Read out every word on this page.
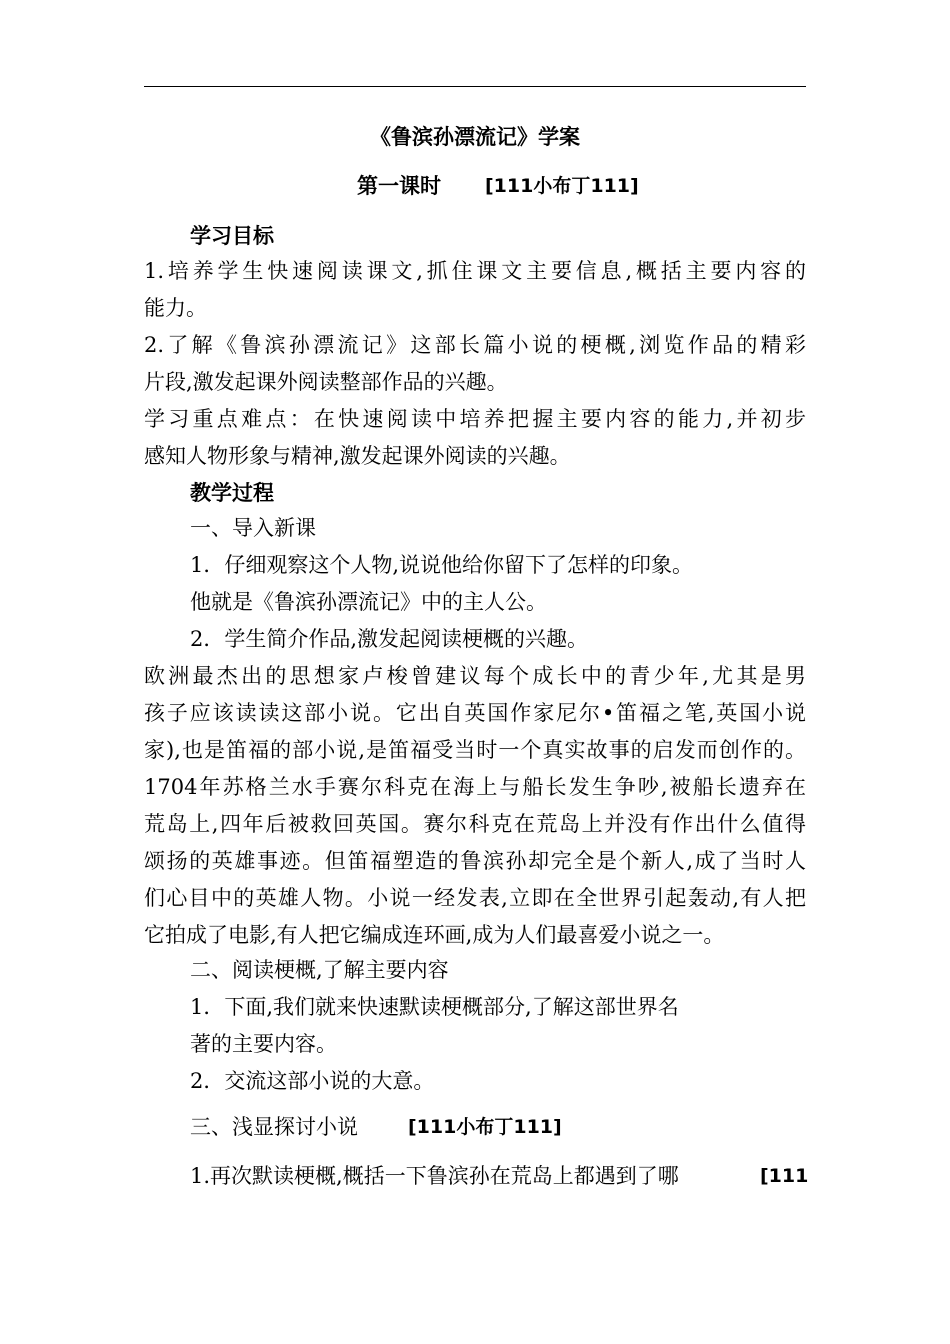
《鲁滨孙漂流记》学案
第一课时 [111小布丁111]
学习目标
1.培养学生快速阅读课文,抓住课文主要信息,概括主要内容的
能力。
2.了解《鲁滨孙漂流记》这部长篇小说的梗概,浏览作品的精彩
片段,激发起课外阅读整部作品的兴趣。
学习重点难点：在快速阅读中培养把握主要内容的能力,并初步
感知人物形象与精神,激发起课外阅读的兴趣。
教学过程
一、导入新课
1．仔细观察这个人物,说说他给你留下了怎样的印象。
他就是《鲁滨孙漂流记》中的主人公。
2．学生简介作品,激发起阅读梗概的兴趣。
欧洲最杰出的思想家卢梭曾建议每个成长中的青少年,尤其是男
孩子应该读读这部小说。它出自英国作家尼尔•笛福之笔,英国小说
家),也是笛福的部小说,是笛福受当时一个真实故事的启发而创作的。
1704年苏格兰水手赛尔科克在海上与船长发生争吵,被船长遗弃在
荒岛上,四年后被救回英国。赛尔科克在荒岛上并没有作出什么值得
颂扬的英雄事迹。但笛福塑造的鲁滨孙却完全是个新人,成了当时人
们心目中的英雄人物。小说一经发表,立即在全世界引起轰动,有人把
它拍成了电影,有人把它编成连环画,成为人们最喜爱小说之一。
二、阅读梗概,了解主要内容
1．下面,我们就来快速默读梗概部分,了解这部世界名
著的主要内容。
2．交流这部小说的大意。
三、浅显探讨小说	[111小布丁111]
1.再次默读梗概,概括一下鲁滨孙在荒岛上都遇到了哪	[111
